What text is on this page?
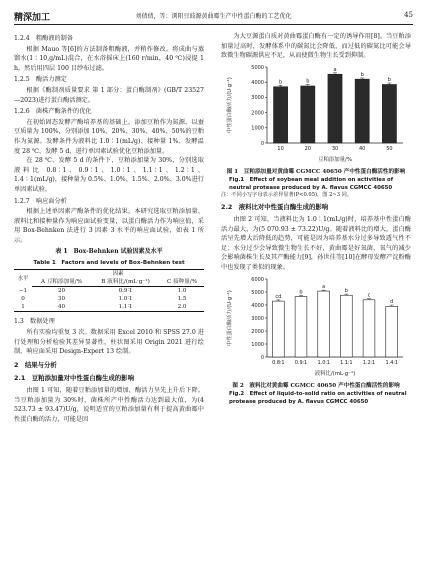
精深加工	刘倩倩，等：浏阳豆豉源黄曲霉生产中性蛋白酶的工艺优化	45
1.2.4　粗酶液的制备

根据 Mauo 等[6]的方法制备粗酶液，并稍作修改。将成曲与蒸馏水(1∶10,g/mL)混合，在水浴摇床上(160 r/min，40 ℃)浸提 1 h，然后用四层 100 目纱布过滤。

1.2.5　酶活力测定

根据《酶制剂质量要求 第 1 部分：蛋白酶制剂》(GB/T 23527—2023)进行蛋白酶活测定。

1.2.6　菌株产酶条件的优化

在初始固态发酵产酶培养基的基础上，添加豆粕作为氮源。以蚕豆质量为 100%，分别添加 10%、20%、30%、40%、50%的豆粕作为氮源。发酵条件为液料比 1.0∶1(mL/g)、接种量 1%、发酵温度 28 ℃、发酵 5 d，进行单因素试验优化豆粕添加量。

在 28 ℃、发酵 5 d 的条件下，豆粕添加量为 30%，分别选取液料比 0.8∶1、0.9∶1、1.0∶1、1.1∶1、1.2∶1、1.4∶1(mL/g)，接种量为 0.5%、1.0%、1.5%、2.0%、3.0%进行单因素试验。

1.2.7　响应面分析

根据上述单因素产酶条件的优化结果，本研究选取豆粕添加量、液料比和接种量作为响应面试验变量，以蛋白酶活力作为响应值，采用 Box-Behnken 法进行 3 因素 3 水平的响应面试验，如表 1 所示。

表 1　Box-Behnken 试验因素及水平
Table 1　Factors and levels of Box-Behnken test
水平	因素		
	A 豆粕添加量/%	B 液料比/(mL·g⁻¹)	C 接种量/%
−1	20	0.9∶1	1.0
0	30	1.0∶1	1.5
1	40	1.1∶1	2.0
1.3　数据处理

所有实验均重复 3 次。数据采用 Excel 2010 和 SPSS 27.0 进行处理和分析检验其差异显著性，柱状图采用 Origin 2021 进行绘制，响应面采用 Design-Expert 13 绘制。

2　结果与分析
2.1　豆粕添加量对中性蛋白酶生成的影响

由图 1 可知，随着豆粕添加量的增加，酶活力呈先上升后下降。当豆粕添加量为 30%时，菌株所产中性酶活力达到最大值，为(4 523.73 ± 93.47)U/g，说明适宜的豆粕添加量有利于提高黄曲霉中性蛋白酶的活力，可能是因

为大豆源蛋白质对黄曲霉蛋白酶有一定的诱导作用[8]。当豆粕添加量过高时，发酵体系中的碳氮比会降低，而过低的碳氮比可能会导致微生物碳源供应不足，从而使微生物生长受到抑制。

0
1000
2000
3000
4000
5000
b
10
b
20
a
30
b
40
b
50
豆粕添加量/%
中性蛋白酶活力/(U·g⁻¹)
图 1　豆粕添加量对黄曲霉 CGMCC 40650 产中性蛋白酶活性的影响
Fig.1　Effect of soybean meal addition on activities of neutral protease produced by A. flavus CGMCC 40650
注：不同小写字母表示差异显著(P<0.05)，图 2~3 同。
2.2　液料比对中性蛋白酶生成的影响

由图 2 可知，当液料比为 1.0∶1(mL/g)时，培养基中性蛋白酶活力最大，为(5 070.93 ± 73.22)U/g。随着液料比的增大，蛋白酶活呈先增大后降低的趋势，可能是因为培养基水分过多导致透气性不足；水分过少会导致微生物生长不好，黄曲霉是好氧菌，氧气的减少会影响菌株生长及其产酶能力[9]，孙世佳等[10]在酵母发酵产淀粉酶中也发现了类似的现象。

0
1000
2000
3000
4000
5000
6000
cd
0.8∶1
b
0.9∶1
a
1.0∶1
b
1.1∶1
c
1.2∶1
d
1.4∶1
液料比/(mL·g⁻¹)
中性蛋白酶活力/(U·g⁻¹)
图 2　液料比对黄曲霉 CGMCC 40650 产中性蛋白酶活性的影响
Fig.2　Effect of liquid-to-solid ratio on activities of neutral protease produced by A. flavus CGMCC 40650
